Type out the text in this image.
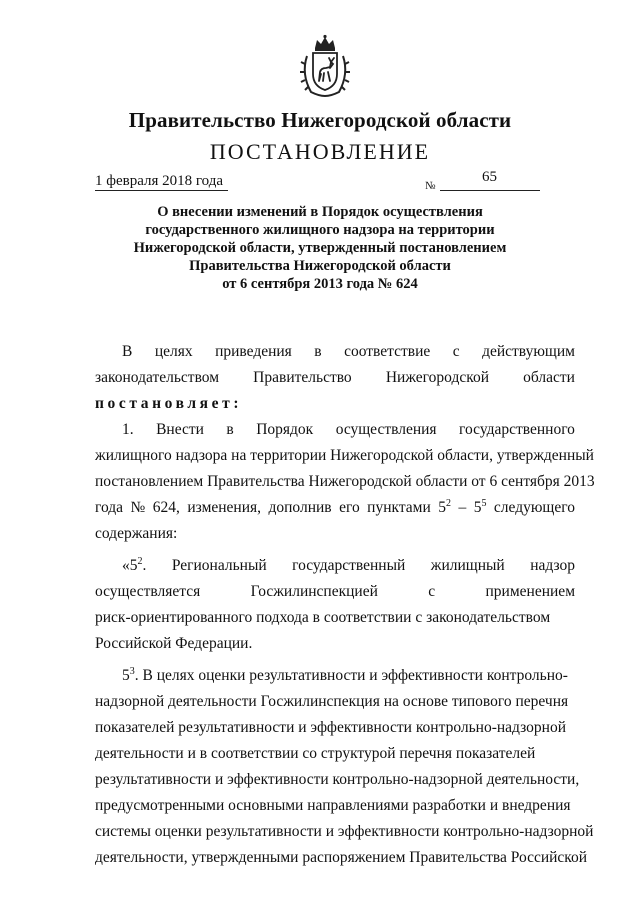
Правительство Нижегородской области
ПОСТАНОВЛЕНИЕ
1 февраля 2018 года	№
65
О внесении изменений в Порядок осуществления
государственного жилищного надзора на территории
Нижегородской области, утвержденный постановлением
Правительства Нижегородской области
от 6 сентября 2013 года № 624
В целях приведения в соответствие с действующим
законодательством Правительство Нижегородской области
постановляет:
1. Внести в Порядок осуществления государственного
жилищного надзора на территории Нижегородской области, утвержденный
постановлением Правительства Нижегородской области от 6 сентября 2013
года № 624, изменения, дополнив его пунктами $5^2 - 5^5$ следующего
содержания:
«$5^2$. Региональный государственный жилищный надзор
осуществляется	Госжилинспекцией	с	применением
риск-ориентированного подхода в соответствии с законодательством
Российской Федерации.
$5^3$ . В целях оценки результативности и эффективности контрольно-
надзорной деятельности Госжилинспекция на основе типового перечня
показателей результативности и эффективности контрольно-надзорной
деятельности и в соответствии со структурой перечня показателей
результативности и эффективности контрольно-надзорной деятельности,
предусмотренными основными направлениями разработки и внедрения
системы оценки результативности и эффективности контрольно-надзорной
деятельности, утвержденными распоряжением Правительства Российской
